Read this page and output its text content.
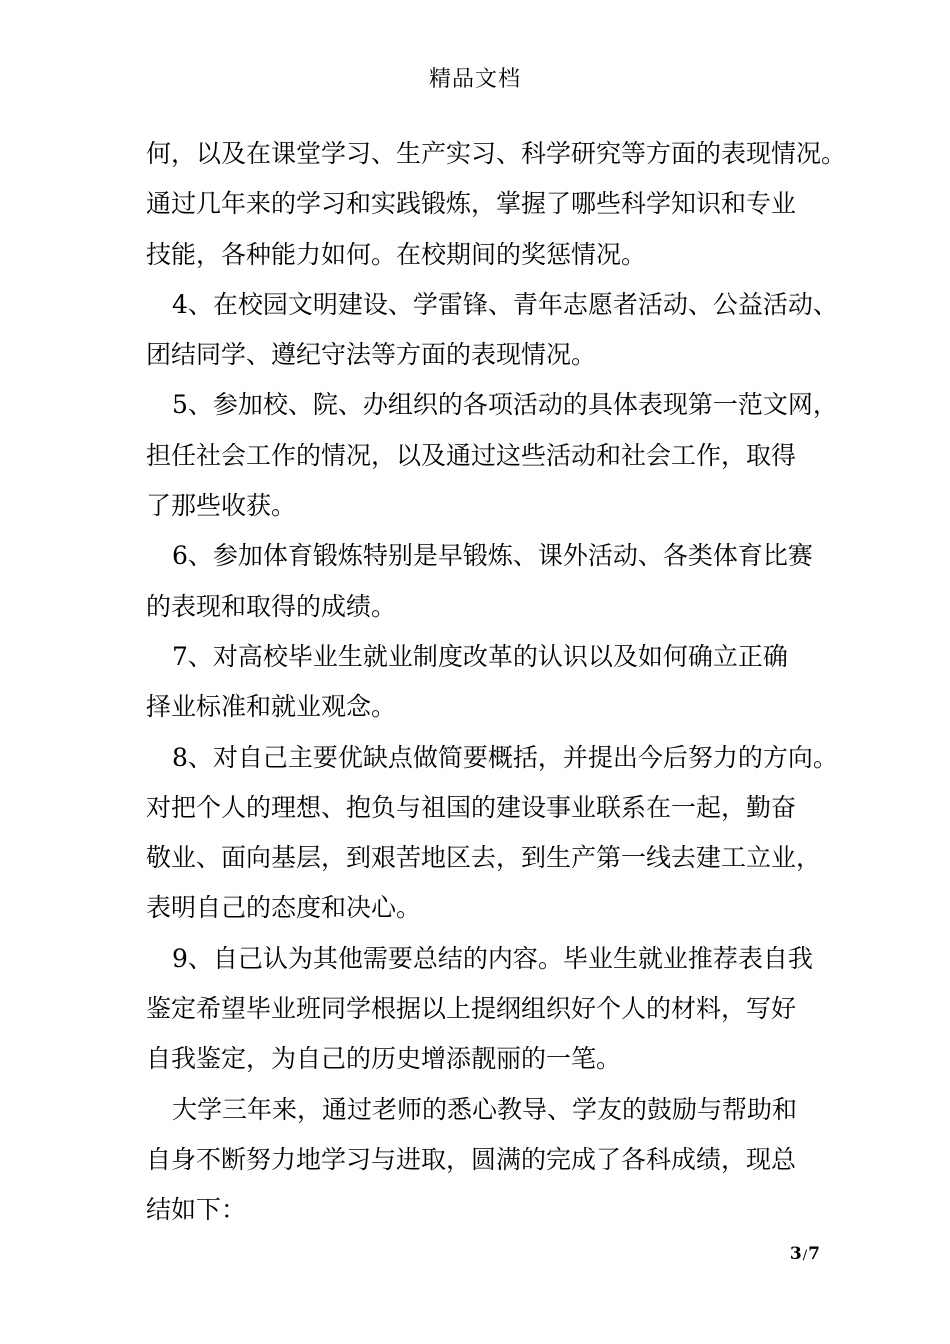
精品文档
何，以及在课堂学习、生产实习、科学研究等方面的表现情况。
通过几年来的学习和实践锻炼，掌握了哪些科学知识和专业
技能，各种能力如何。在校期间的奖惩情况。
4、在校园文明建设、学雷锋、青年志愿者活动、公益活动、
团结同学、遵纪守法等方面的表现情况。
5、参加校、院、办组织的各项活动的具体表现第一范文网，
担任社会工作的情况，以及通过这些活动和社会工作，取得
了那些收获。
6、参加体育锻炼特别是早锻炼、课外活动、各类体育比赛
的表现和取得的成绩。
7、对高校毕业生就业制度改革的认识以及如何确立正确
择业标准和就业观念。
8、对自己主要优缺点做简要概括，并提出今后努力的方向。
对把个人的理想、抱负与祖国的建设事业联系在一起，勤奋
敬业、面向基层，到艰苦地区去，到生产第一线去建工立业，
表明自己的态度和决心。
9、自己认为其他需要总结的内容。毕业生就业推荐表自我
鉴定希望毕业班同学根据以上提纲组织好个人的材料，写好
自我鉴定，为自己的历史增添靓丽的一笔。
大学三年来，通过老师的悉心教导、学友的鼓励与帮助和
自身不断努力地学习与进取，圆满的完成了各科成绩，现总
结如下：
3/7
